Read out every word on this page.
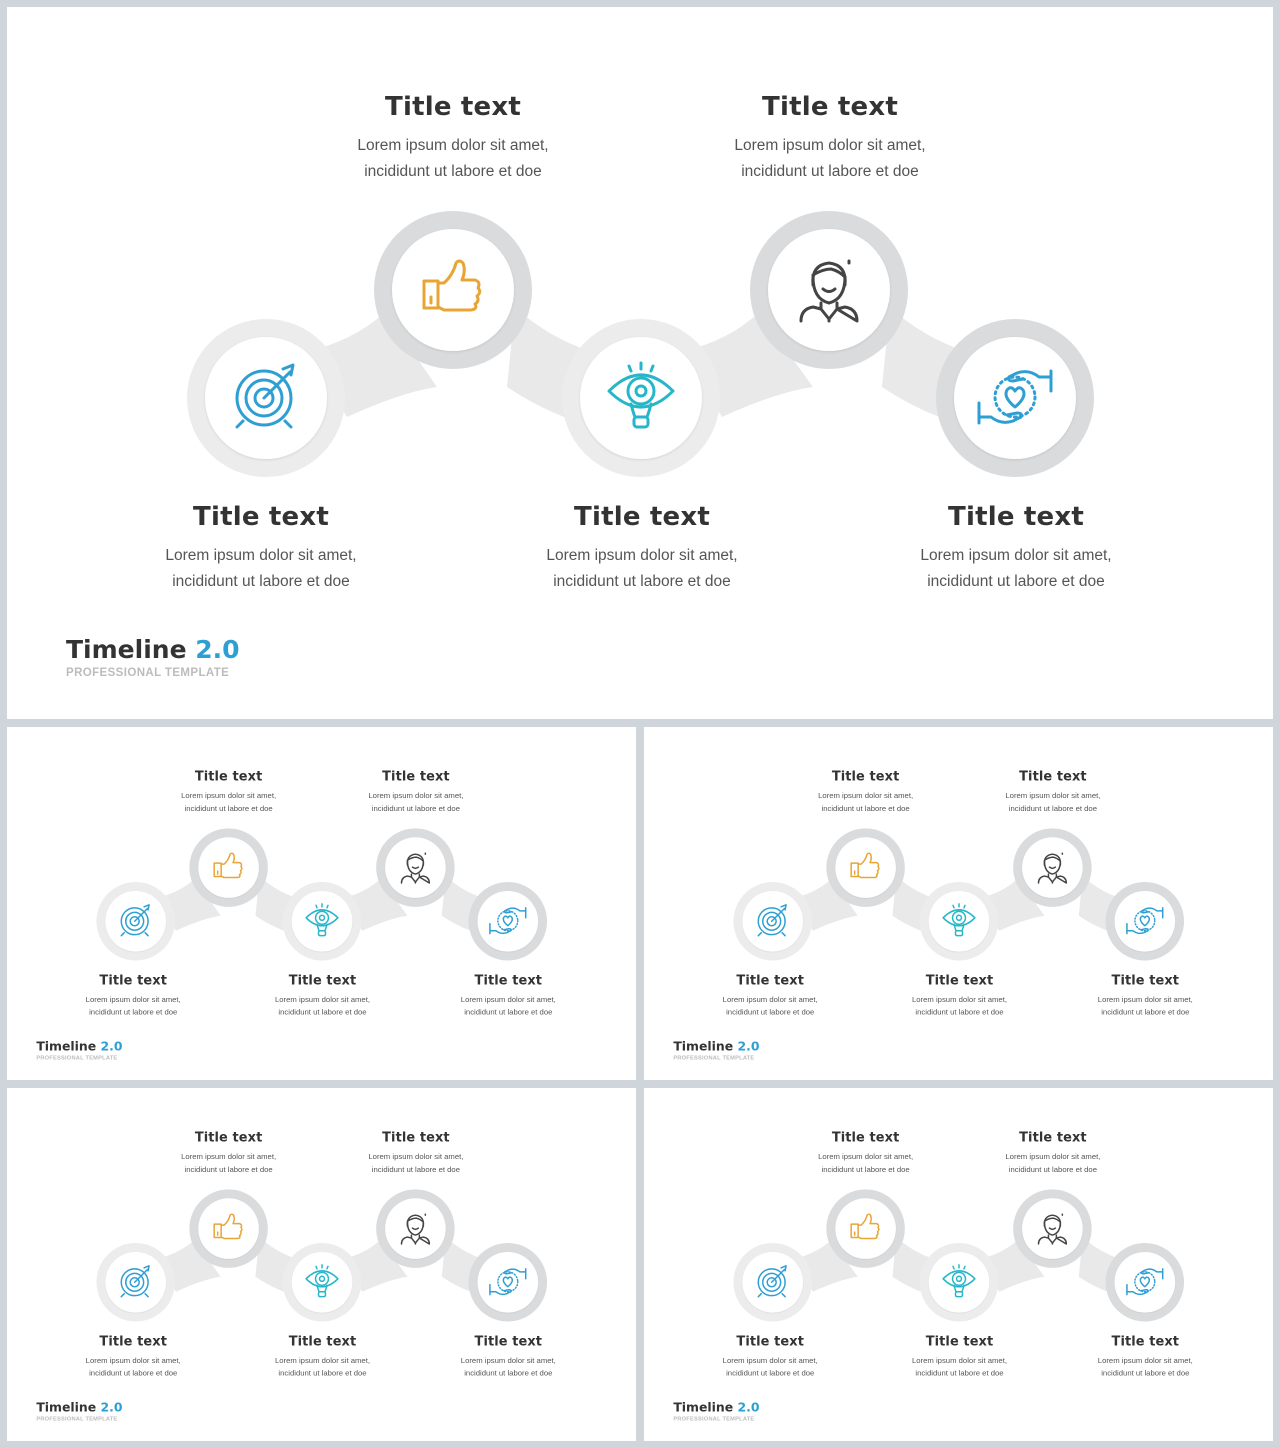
Title text
Lorem ipsum dolor sit amet,
incididunt ut labore et doe
Title text
Lorem ipsum dolor sit amet,
incididunt ut labore et doe
Title text
Lorem ipsum dolor sit amet,
incididunt ut labore et doe
Title text
Lorem ipsum dolor sit amet,
incididunt ut labore et doe
Title text
Lorem ipsum dolor sit amet,
incididunt ut labore et doe
Timeline 2.0
PROFESSIONAL TEMPLATE
Title text
Lorem ipsum dolor sit amet,
incididunt ut labore et doe
Title text
Lorem ipsum dolor sit amet,
incididunt ut labore et doe
Title text
Lorem ipsum dolor sit amet,
incididunt ut labore et doe
Title text
Lorem ipsum dolor sit amet,
incididunt ut labore et doe
Title text
Lorem ipsum dolor sit amet,
incididunt ut labore et doe
Timeline 2.0
PROFESSIONAL TEMPLATE
Title text
Lorem ipsum dolor sit amet,
incididunt ut labore et doe
Title text
Lorem ipsum dolor sit amet,
incididunt ut labore et doe
Title text
Lorem ipsum dolor sit amet,
incididunt ut labore et doe
Title text
Lorem ipsum dolor sit amet,
incididunt ut labore et doe
Title text
Lorem ipsum dolor sit amet,
incididunt ut labore et doe
Timeline 2.0
PROFESSIONAL TEMPLATE
Title text
Lorem ipsum dolor sit amet,
incididunt ut labore et doe
Title text
Lorem ipsum dolor sit amet,
incididunt ut labore et doe
Title text
Lorem ipsum dolor sit amet,
incididunt ut labore et doe
Title text
Lorem ipsum dolor sit amet,
incididunt ut labore et doe
Title text
Lorem ipsum dolor sit amet,
incididunt ut labore et doe
Timeline 2.0
PROFESSIONAL TEMPLATE
Title text
Lorem ipsum dolor sit amet,
incididunt ut labore et doe
Title text
Lorem ipsum dolor sit amet,
incididunt ut labore et doe
Title text
Lorem ipsum dolor sit amet,
incididunt ut labore et doe
Title text
Lorem ipsum dolor sit amet,
incididunt ut labore et doe
Title text
Lorem ipsum dolor sit amet,
incididunt ut labore et doe
Timeline 2.0
PROFESSIONAL TEMPLATE
